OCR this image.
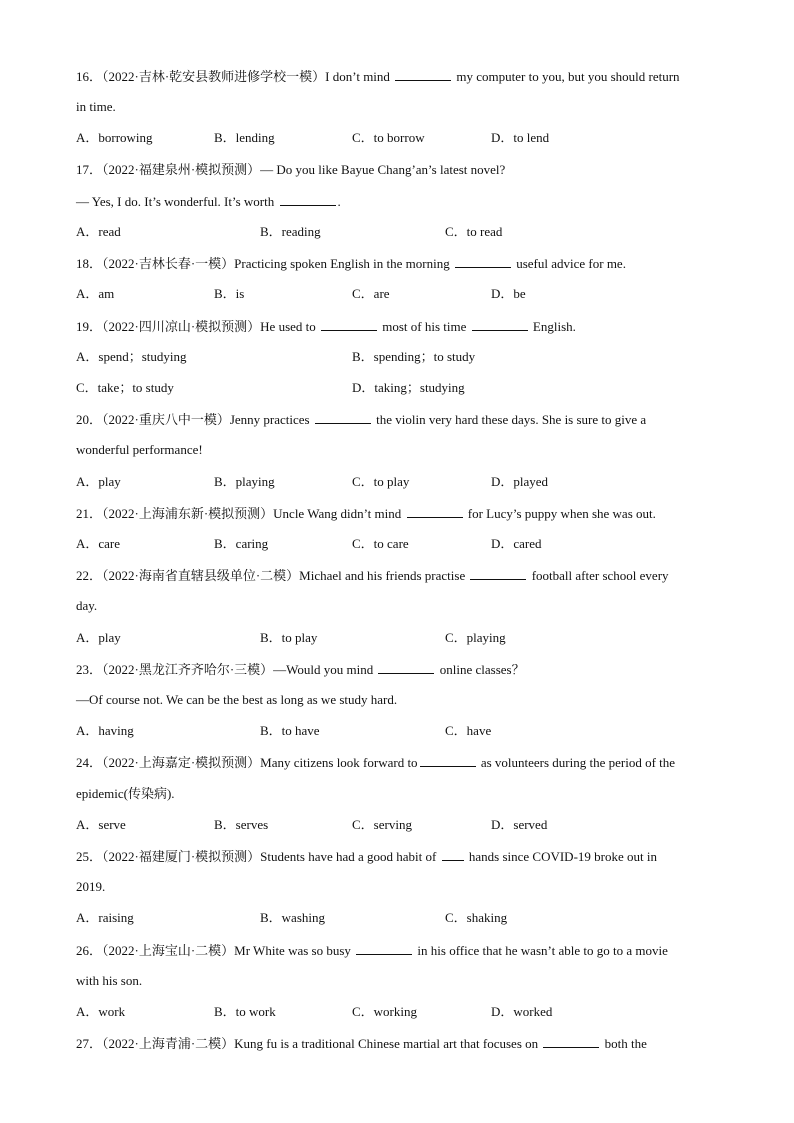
16．（2022·吉林·乾安县教师进修学校一模）I don’t mind	my computer to you, but you should return
in time.
A．borrowing	B．lending	C．to borrow	D．to lend
17．（2022·福建泉州·模拟预测）— Do you like Bayue Chang’an’s latest novel?
— Yes, I do. It’s wonderful. It’s worth	.
A．read	B．reading	C．to read
18．（2022·吉林长春·一模）Practicing spoken English in the morning	useful advice for me.
A．am	B．is	C．are	D．be
19．（2022·四川凉山·模拟预测）He used to	most of his time	English.
A．spend；studying	B．spending；to study
C．take；to study	D．taking；studying
20．（2022·重庆八中一模）Jenny practices	the violin very hard these days. She is sure to give a
wonderful performance!
A．play	B．playing	C．to play	D．played
21．（2022·上海浦东新·模拟预测）Uncle Wang didn’t mind	for Lucy’s puppy when she was out.
A．care	B．caring	C．to care	D．cared
22．（2022·海南省直辖县级单位·二模）Michael and his friends practise	football after school every
day.
A．play	B．to play	C．playing
23．（2022·黑龙江齐齐哈尔·三模）—Would you mind	online classes？
—Of course not. We can be the best as long as we study hard.
A．having	B．to have	C．have
24．（2022·上海嘉定·模拟预测）Many citizens look forward to	as volunteers during the period of the
epidemic(传染病).
A．serve	B．serves	C．serving	D．served
25．（2022·福建厦门·模拟预测）Students have had a good habit of  hands since COVID-19 broke out in
2019.
A．raising	B．washing	C．shaking
26．（2022·上海宝山·二模）Mr White was so busy	in his office that he wasn’t able to go to a movie
with his son.
A．work	B．to work	C．working	D．worked
27．（2022·上海青浦·二模）Kung fu is a traditional Chinese martial art that focuses on	both the
